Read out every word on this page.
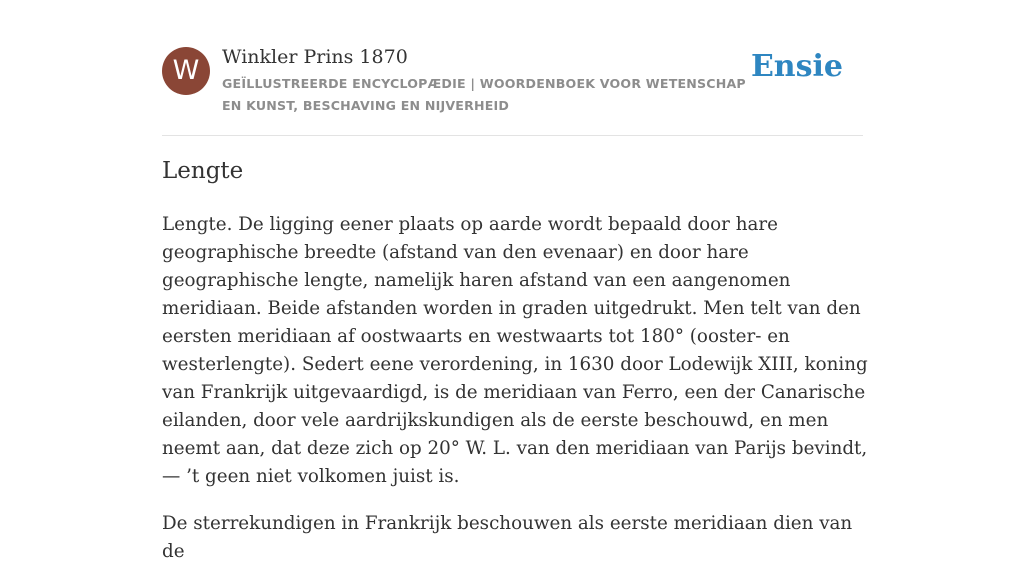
W	Winkler Prins 1870
GEÏLLUSTREERDE ENCYCLOPÆDIE | WOORDENBOEK VOOR WETENSCHAP EN KUNST, BESCHAVING EN NIJVERHEID
Ensie
Lengte

Lengte. De ligging eener plaats op aarde wordt bepaald door hare geographische breedte (afstand van den evenaar) en door hare geographische lengte, namelijk haren afstand van een aangenomen meridiaan. Beide afstanden worden in graden uitgedrukt. Men telt van den eersten meridiaan af oostwaarts en westwaarts tot 180° (ooster- en westerlengte). Sedert eene verordening, in 1630 door Lodewijk XIII, koning van Frankrijk uitgevaardigd, is de meridiaan van Ferro, een der Canarische eilanden, door vele aardrijkskundigen als de eerste beschouwd, en men neemt aan, dat deze zich op 20° W. L. van den meridiaan van Parijs bevindt, — ’t geen niet volkomen juist is.

De sterrekundigen in Frankrijk beschouwen als eerste meridiaan dien van de
